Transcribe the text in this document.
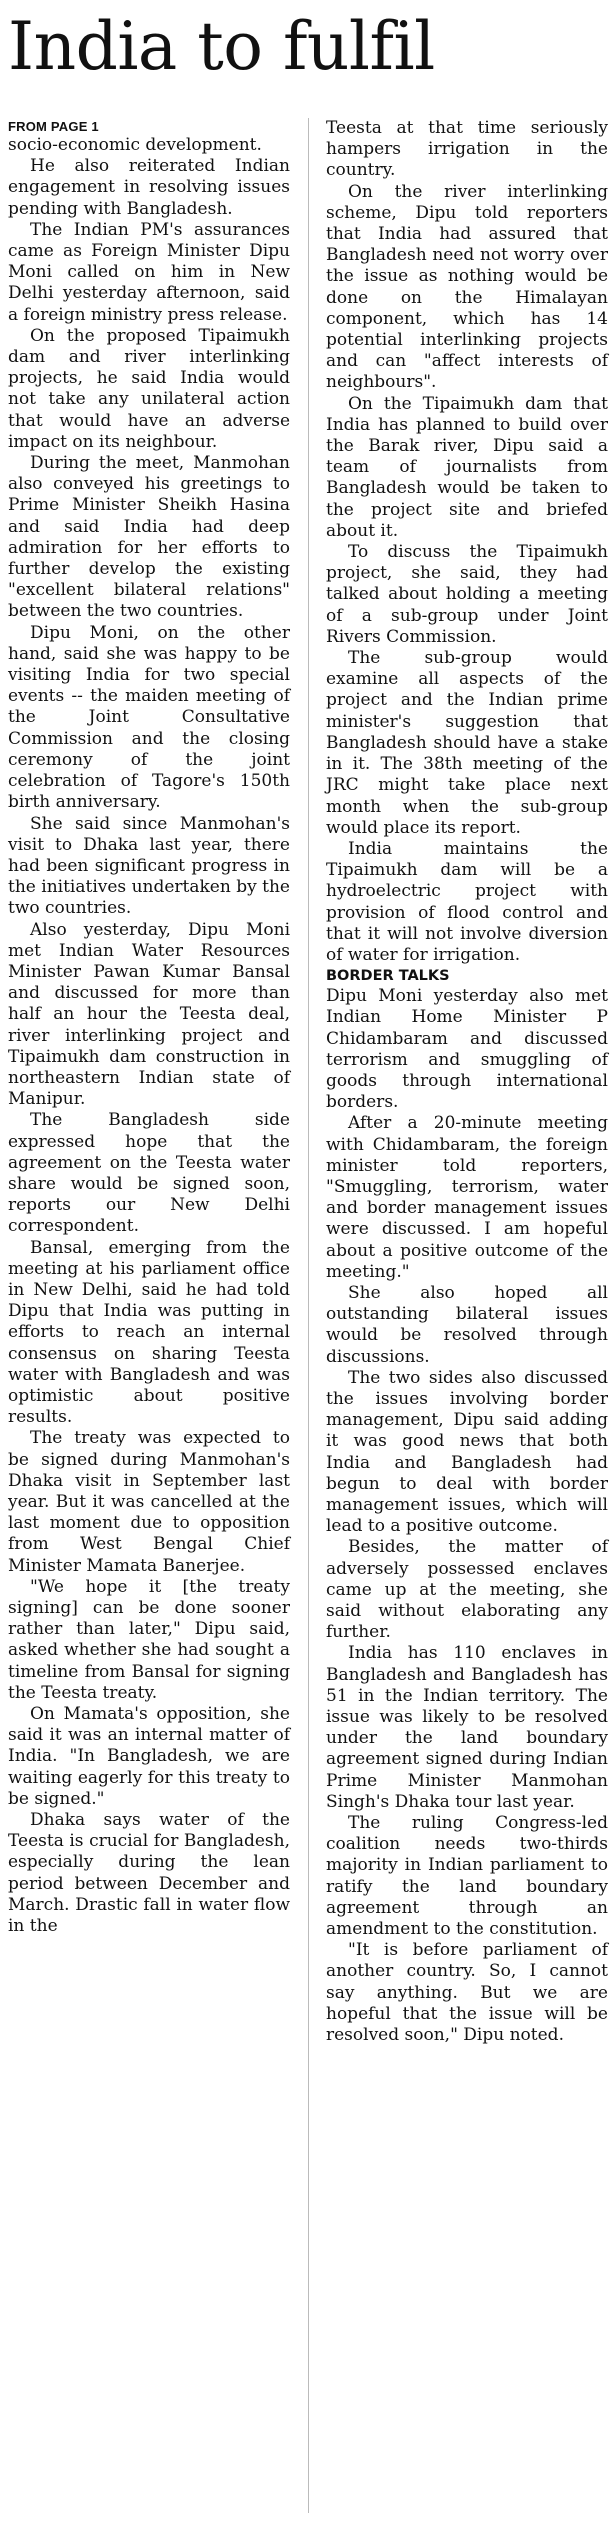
India to fulfil

FROM PAGE 1

socio-economic development.

He also reiterated Indian engagement in resolving issues pending with Bangladesh.

The Indian PM's assurances came as Foreign Minister Dipu Moni called on him in New Delhi yesterday afternoon, said a foreign ministry press release.

On the proposed Tipaimukh dam and river interlinking projects, he said India would not take any unilateral action that would have an adverse impact on its neighbour.

During the meet, Manmohan also conveyed his greetings to Prime Minister Sheikh Hasina and said India had deep admiration for her efforts to further develop the existing "excellent bilateral relations" between the two countries.

Dipu Moni, on the other hand, said she was happy to be visiting India for two special events -- the maiden meeting of the Joint Consultative Commission and the closing ceremony of the joint celebration of Tagore's 150th birth anniversary.

She said since Manmohan's visit to Dhaka last year, there had been significant progress in the initiatives undertaken by the two countries.

Also yesterday, Dipu Moni met Indian Water Resources Minister Pawan Kumar Bansal and discussed for more than half an hour the Teesta deal, river interlinking project and Tipaimukh dam construction in northeastern Indian state of Manipur.

The Bangladesh side expressed hope that the agreement on the Teesta water share would be signed soon, reports our New Delhi correspondent.

Bansal, emerging from the meeting at his parliament office in New Delhi, said he had told Dipu that India was putting in efforts to reach an internal consensus on sharing Teesta water with Bangladesh and was optimistic about positive results.

The treaty was expected to be signed during Manmohan's Dhaka visit in September last year. But it was cancelled at the last moment due to opposition from West Bengal Chief Minister Mamata Banerjee.

"We hope it [the treaty signing] can be done sooner rather than later," Dipu said, asked whether she had sought a timeline from Bansal for signing the Teesta treaty.

On Mamata's opposition, she said it was an internal matter of India. "In Bangladesh, we are waiting eagerly for this treaty to be signed."

Dhaka says water of the Teesta is crucial for Bangladesh, especially during the lean period between December and March. Drastic fall in water flow in the

Teesta at that time seriously hampers irrigation in the country.

On the river interlinking scheme, Dipu told reporters that India had assured that Bangladesh need not worry over the issue as nothing would be done on the Himalayan component, which has 14 potential interlinking projects and can "affect interests of neighbours".

On the Tipaimukh dam that India has planned to build over the Barak river, Dipu said a team of journalists from Bangladesh would be taken to the project site and briefed about it.

To discuss the Tipaimukh project, she said, they had talked about holding a meeting of a sub-group under Joint Rivers Commission.

The sub-group would examine all aspects of the project and the Indian prime minister's suggestion that Bangladesh should have a stake in it. The 38th meeting of the JRC might take place next month when the sub-group would place its report.

India maintains the Tipaimukh dam will be a hydroelectric project with provision of flood control and that it will not involve diversion of water for irrigation.

BORDER TALKS

Dipu Moni yesterday also met Indian Home Minister P Chidambaram and discussed terrorism and smuggling of goods through international borders.

After a 20-minute meeting with Chidambaram, the foreign minister told reporters, "Smuggling, terrorism, water and border management issues were discussed. I am hopeful about a positive outcome of the meeting."

She also hoped all outstanding bilateral issues would be resolved through discussions.

The two sides also discussed the issues involving border management, Dipu said adding it was good news that both India and Bangladesh had begun to deal with border management issues, which will lead to a positive outcome.

Besides, the matter of adversely possessed enclaves came up at the meeting, she said without elaborating any further.

India has 110 enclaves in Bangladesh and Bangladesh has 51 in the Indian territory. The issue was likely to be resolved under the land boundary agreement signed during Indian Prime Minister Manmohan Singh's Dhaka tour last year.

The ruling Congress-led coalition needs two-thirds majority in Indian parliament to ratify the land boundary agreement through an amendment to the constitution.

"It is before parliament of another country. So, I cannot say anything. But we are hopeful that the issue will be resolved soon," Dipu noted.
